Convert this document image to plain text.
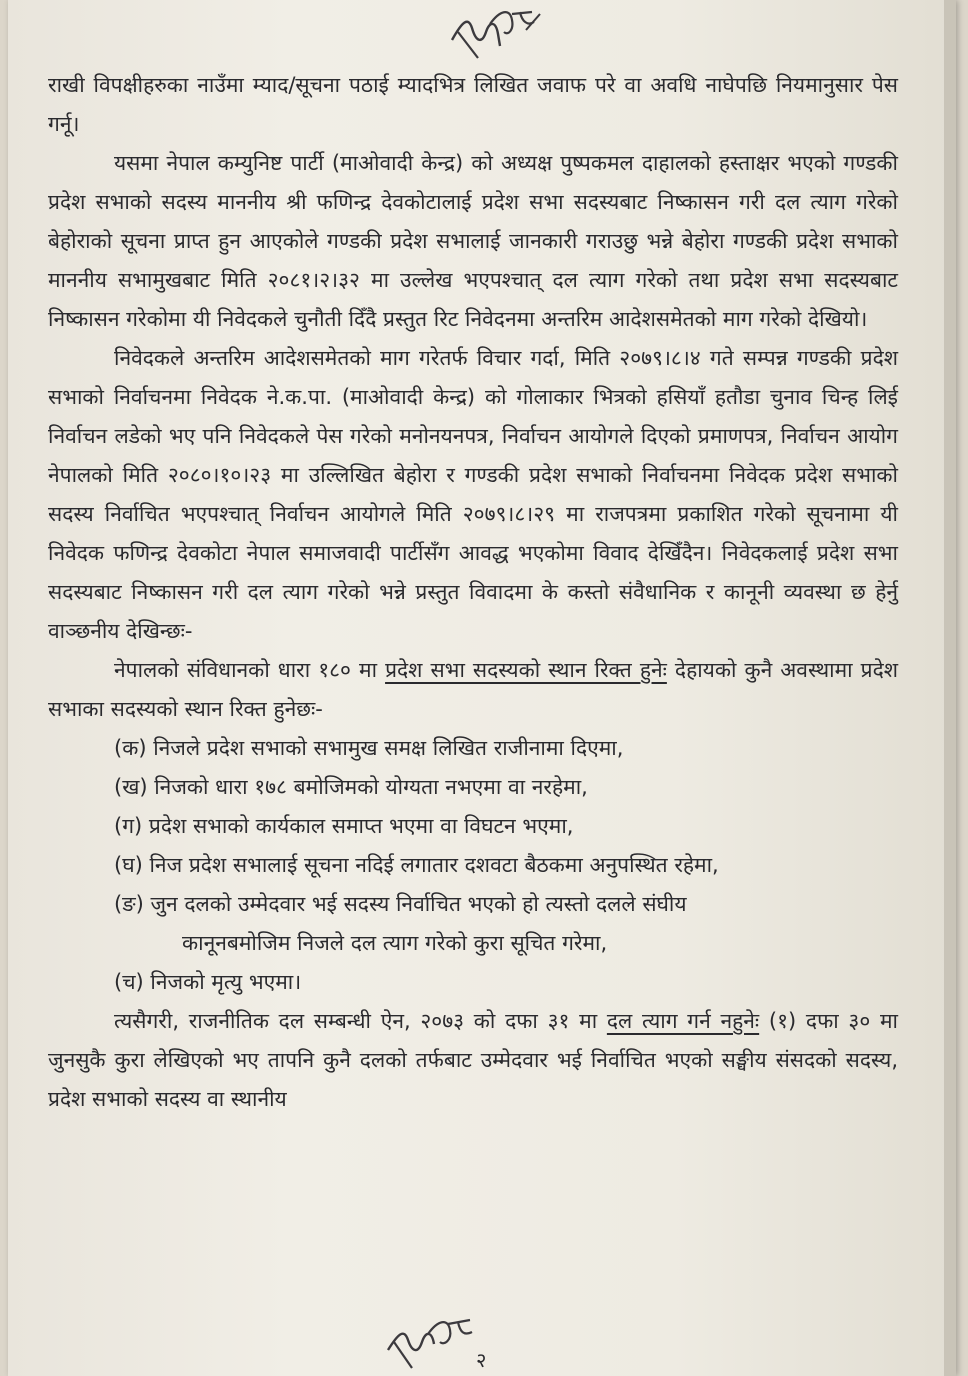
राखी विपक्षीहरुका नाउँमा म्याद/सूचना पठाई म्यादभित्र लिखित जवाफ परे वा अवधि नाघेपछि नियमानुसार पेस गर्नू।

यसमा नेपाल कम्युनिष्ट पार्टी (माओवादी केन्द्र) को अध्यक्ष पुष्पकमल दाहालको हस्ताक्षर भएको गण्डकी प्रदेश सभाको सदस्य माननीय श्री फणिन्द्र देवकोटालाई प्रदेश सभा सदस्यबाट निष्कासन गरी दल त्याग गरेको बेहोराको सूचना प्राप्त हुन आएकोले गण्डकी प्रदेश सभालाई जानकारी गराउछु भन्ने बेहोरा गण्डकी प्रदेश सभाको माननीय सभामुखबाट मिति २०८१।२।३२ मा उल्लेख भएपश्चात् दल त्याग गरेको तथा प्रदेश सभा सदस्यबाट निष्कासन गरेकोमा यी निवेदकले चुनौती दिँदै प्रस्तुत रिट निवेदनमा अन्तरिम आदेशसमेतको माग गरेको देखियो।

निवेदकले अन्तरिम आदेशसमेतको माग गरेतर्फ विचार गर्दा, मिति २०७९।८।४ गते सम्पन्न गण्डकी प्रदेश सभाको निर्वाचनमा निवेदक ने.क.पा. (माओवादी केन्द्र) को गोलाकार भित्रको हसियाँ हतौडा चुनाव चिन्ह लिई निर्वाचन लडेको भए पनि निवेदकले पेस गरेको मनोनयनपत्र, निर्वाचन आयोगले दिएको प्रमाणपत्र, निर्वाचन आयोग नेपालको मिति २०८०।१०।२३ मा उल्लिखित बेहोरा र गण्डकी प्रदेश सभाको निर्वाचनमा निवेदक प्रदेश सभाको सदस्य निर्वाचित भएपश्चात् निर्वाचन आयोगले मिति २०७९।८।२९ मा राजपत्रमा प्रकाशित गरेको सूचनामा यी निवेदक फणिन्द्र देवकोटा नेपाल समाजवादी पार्टीसँग आवद्ध भएकोमा विवाद देखिँदैन। निवेदकलाई प्रदेश सभा सदस्यबाट निष्कासन गरी दल त्याग गरेको भन्ने प्रस्तुत विवादमा के कस्तो संवैधानिक र कानूनी व्यवस्था छ हेर्नु वाञ्छनीय देखिन्छः-

नेपालको संविधानको धारा १८० मा प्रदेश सभा सदस्यको स्थान रिक्त हुनेः देहायको कुनै अवस्थामा प्रदेश सभाका सदस्यको स्थान रिक्त हुनेछः-

(क) निजले प्रदेश सभाको सभामुख समक्ष लिखित राजीनामा दिएमा,

(ख) निजको धारा १७८ बमोजिमको योग्यता नभएमा वा नरहेमा,

(ग) प्रदेश सभाको कार्यकाल समाप्त भएमा वा विघटन भएमा,

(घ) निज प्रदेश सभालाई सूचना नदिई लगातार दशवटा बैठकमा अनुपस्थित रहेमा,

(ङ) जुन दलको उम्मेदवार भई सदस्य निर्वाचित भएको हो त्यस्तो दलले संघीय

कानूनबमोजिम निजले दल त्याग गरेको कुरा सूचित गरेमा,

(च) निजको मृत्यु भएमा।

त्यसैगरी, राजनीतिक दल सम्बन्धी ऐन, २०७३ को दफा ३१ मा दल त्याग गर्न नहुनेः (१) दफा ३० मा जुनसुकै कुरा लेखिएको भए तापनि कुनै दलको तर्फबाट उम्मेदवार भई निर्वाचित भएको सङ्घीय संसदको सदस्य, प्रदेश सभाको सदस्य वा स्थानीय

२
